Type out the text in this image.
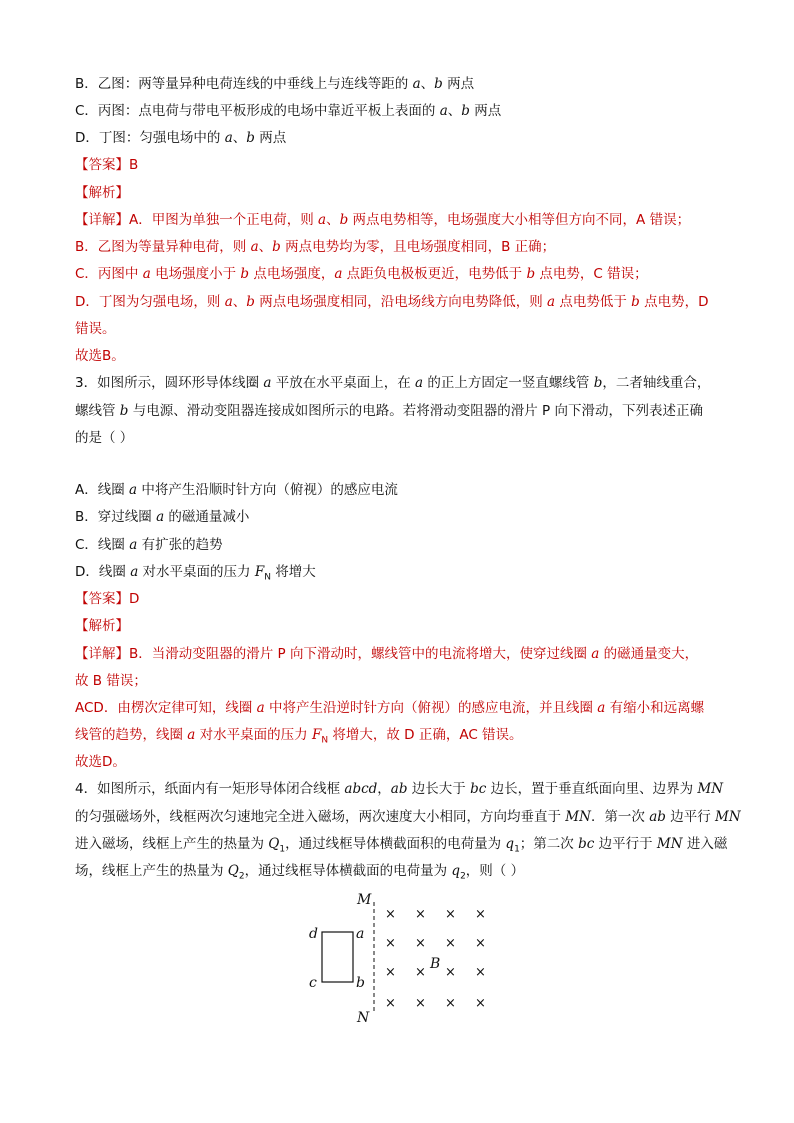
B．乙图：两等量异种电荷连线的中垂线上与连线等距的 a、b 两点
C．丙图：点电荷与带电平板形成的电场中靠近平板上表面的 a、b 两点
D．丁图：匀强电场中的 a、b 两点
【答案】B
【解析】
【详解】A．甲图为单独一个正电荷，则 a、b 两点电势相等，电场强度大小相等但方向不同，A 错误；
B．乙图为等量异种电荷，则 a、b 两点电势均为零，且电场强度相同，B 正确；
C．丙图中 a 电场强度小于 b 点电场强度，a 点距负电极板更近，电势低于 b 点电势，C 错误；
D．丁图为匀强电场，则 a、b 两点电场强度相同，沿电场线方向电势降低，则 a 点电势低于 b 点电势，D
错误。
故选B。
3．如图所示，圆环形导体线圈 a 平放在水平桌面上，在 a 的正上方固定一竖直螺线管 b，二者轴线重合，
螺线管 b 与电源、滑动变阻器连接成如图所示的电路。若将滑动变阻器的滑片 P 向下滑动，下列表述正确
的是（ ）
A．线圈 a 中将产生沿顺时针方向（俯视）的感应电流
B．穿过线圈 a 的磁通量减小
C．线圈 a 有扩张的趋势
D．线圈 a 对水平桌面的压力 $F_N$ 将增大
【答案】D
【解析】
【详解】B．当滑动变阻器的滑片 P 向下滑动时，螺线管中的电流将增大，使穿过线圈 a 的磁通量变大，
故 B 错误；
ACD．由楞次定律可知，线圈 a 中将产生沿逆时针方向（俯视）的感应电流，并且线圈 a 有缩小和远离螺
线管的趋势，线圈 a 对水平桌面的压力 $F_N$ 将增大，故 D 正确，AC 错误。
故选D。
4．如图所示，纸面内有一矩形导体闭合线框 abcd，ab 边长大于 bc 边长，置于垂直纸面向里、边界为 MN
的匀强磁场外，线框两次匀速地完全进入磁场，两次速度大小相同，方向均垂直于 MN．第一次 ab 边平行 MN
进入磁场，线框上产生的热量为 $Q_1$，通过线框导体横截面积的电荷量为 $q_1$；第二次 bc 边平行于 MN 进入磁
场，线框上产生的热量为 $Q_2$，通过线框导体横截面的电荷量为 $q_2$，则（ ）
M
N
d	a
c	b
B
× × × ×
× × × ×
× × × ×
× × × ×
